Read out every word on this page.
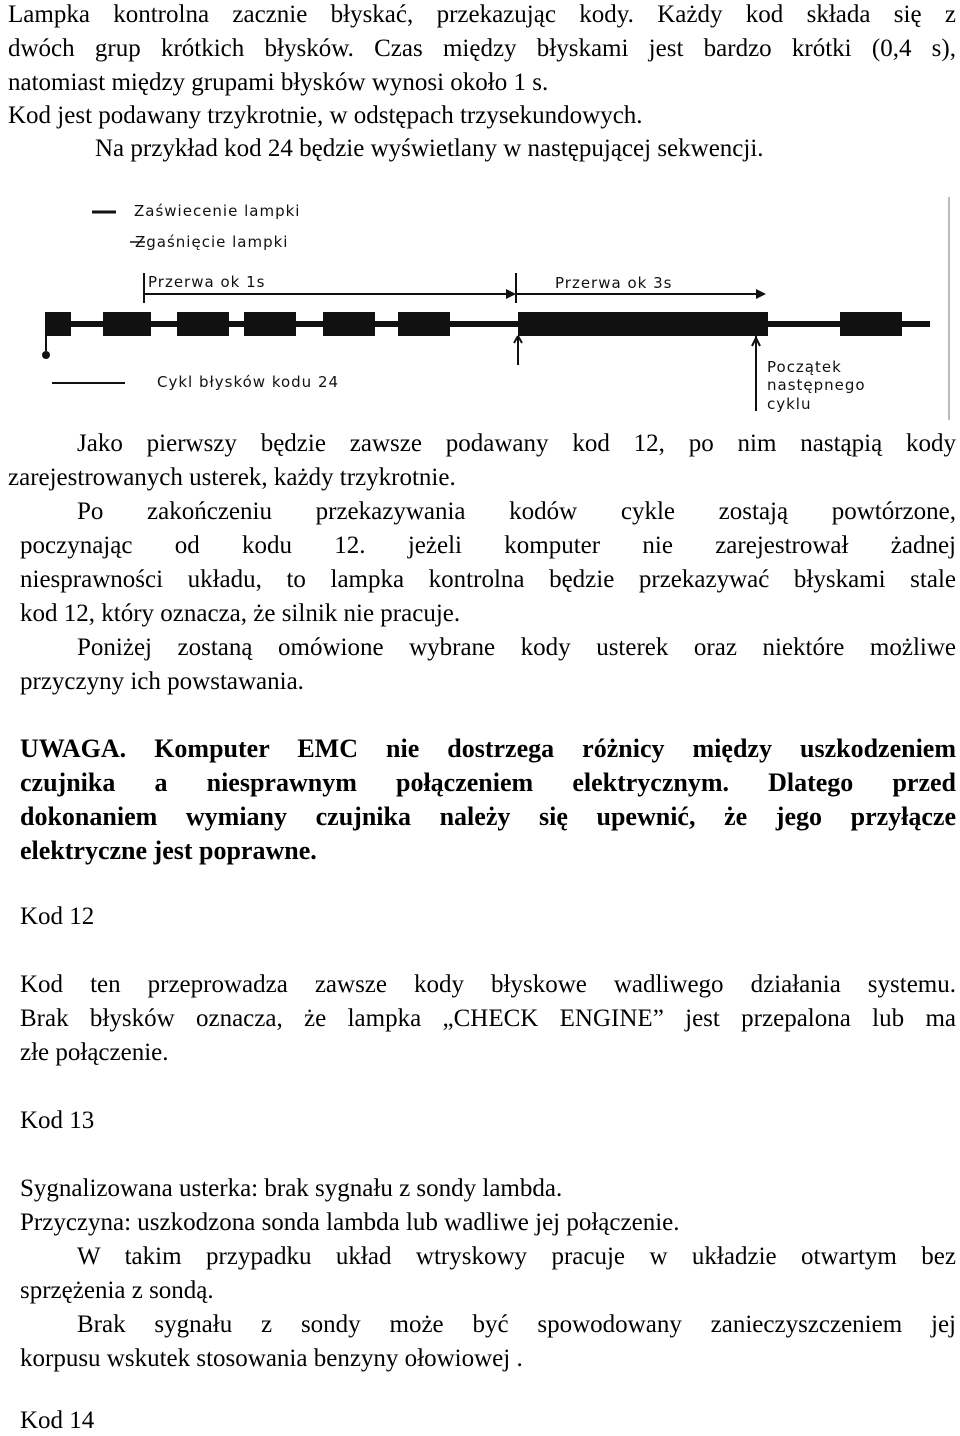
Lampka kontrolna zacznie błyskać, przekazując kody. Każdy kod składa się z
dwóch grup krótkich błysków. Czas między błyskami jest bardzo krótki (0,4 s),
natomiast między grupami błysków wynosi około 1 s.
Kod jest podawany trzykrotnie, w odstępach trzysekundowych.
Na przykład kod 24 będzie wyświetlany w następującej sekwencji.
Zaświecenie lampki
Zgaśnięcie lampki
Przerwa ok 1s	Przerwa ok 3s
Cykl błysków kodu 24
Początek
następnego
cyklu
Jako pierwszy będzie zawsze podawany kod 12, po nim nastąpią kody
zarejestrowanych usterek, każdy trzykrotnie.
Po zakończeniu przekazywania kodów cykle zostają powtórzone,
poczynając od kodu 12. jeżeli komputer nie zarejestrował żadnej
niesprawności układu, to lampka kontrolna będzie przekazywać błyskami stale
kod 12, który oznacza, że silnik nie pracuje.
Poniżej zostaną omówione wybrane kody usterek oraz niektóre możliwe
przyczyny ich powstawania.
UWAGA. Komputer EMC nie dostrzega różnicy między uszkodzeniem
czujnika a niesprawnym połączeniem elektrycznym. Dlatego przed
dokonaniem wymiany czujnika należy się upewnić, że jego przyłącze
elektryczne jest poprawne.
Kod 12
Kod ten przeprowadza zawsze kody błyskowe wadliwego działania systemu.
Brak błysków oznacza, że lampka „CHECK ENGINE” jest przepalona lub ma
złe połączenie.
Kod 13
Sygnalizowana usterka: brak sygnału z sondy lambda.
Przyczyna: uszkodzona sonda lambda lub wadliwe jej połączenie.
W takim przypadku układ wtryskowy pracuje w układzie otwartym bez
sprzężenia z sondą.
Brak sygnału z sondy może być spowodowany zanieczyszczeniem jej
korpusu wskutek stosowania benzyny ołowiowej .
Kod 14
